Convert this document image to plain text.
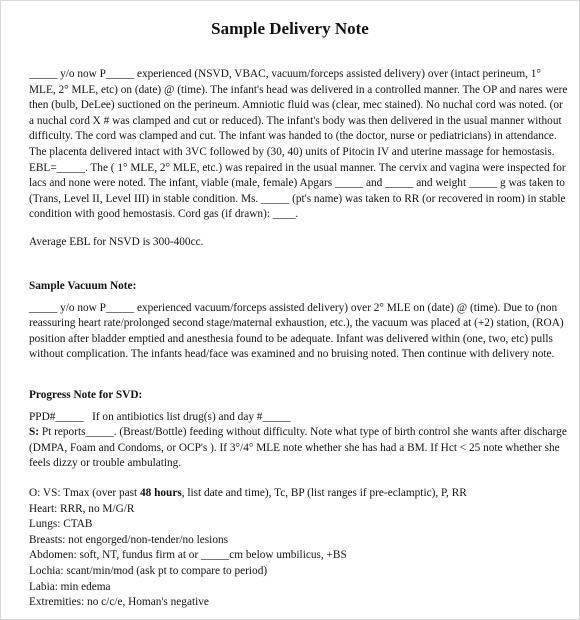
Sample Delivery Note

_____ y/o now P_____ experienced (NSVD, VBAC, vacuum/forceps assisted delivery) over (intact perineum, 1° MLE, 2° MLE, etc) on (date) @ (time). The infant's head was delivered in a controlled manner. The OP and nares were then (bulb, DeLee) suctioned on the perineum. Amniotic fluid was (clear, mec stained). No nuchal cord was noted. (or a nuchal cord X # was clamped and cut or reduced). The infant's body was then delivered in the usual manner without difficulty. The cord was clamped and cut. The infant was handed to (the doctor, nurse or pediatricians) in attendance. The placenta delivered intact with 3VC followed by (30, 40) units of Pitocin IV and uterine massage for hemostasis. EBL=_____. The ( 1° MLE, 2° MLE, etc.) was repaired in the usual manner. The cervix and vagina were inspected for lacs and none were noted. The infant, viable (male, female) Apgars _____ and _____ and weight _____ g was taken to (Trans, Level II, Level III) in stable condition. Ms. _____ (pt's name) was taken to RR (or recovered in room) in stable condition with good hemostasis. Cord gas (if drawn): ____.

Average EBL for NSVD is 300-400cc.

Sample Vacuum Note:

_____ y/o now P_____ experienced vacuum/forceps assisted delivery) over 2° MLE on (date) @ (time). Due to (non reassuring heart rate/prolonged second stage/maternal exhaustion, etc.), the vacuum was placed at (+2) station, (ROA) position after bladder emptied and anesthesia found to be adequate. Infant was delivered within (one, two, etc) pulls without complication. The infants head/face was examined and no bruising noted. Then continue with delivery note.

Progress Note for SVD:

PPD#_____   If on antibiotics list drug(s) and day #_____

S: Pt reports_____. (Breast/Bottle) feeding without difficulty. Note what type of birth control she wants after discharge (DMPA, Foam and Condoms, or OCP's ). If 3°/4° MLE note whether she has had a BM. If Hct < 25 note whether she feels dizzy or trouble ambulating.

O: VS: Tmax (over past 48 hours, list date and time), Tc, BP (list ranges if pre-eclamptic), P, RR

Heart: RRR, no M/G/R

Lungs: CTAB

Breasts: not engorged/non-tender/no lesions

Abdomen: soft, NT, fundus firm at or _____cm below umbilicus, +BS

Lochia: scant/min/mod (ask pt to compare to period)

Labia: min edema

Extremities: no c/c/e, Homan's negative
